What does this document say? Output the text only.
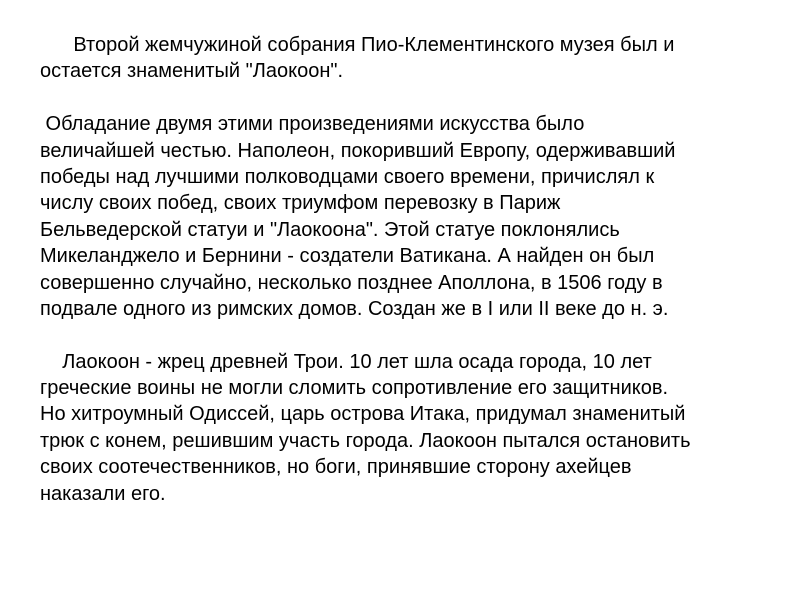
Второй жемчужиной собрания Пио-Клементинского музея был и
остается знаменитый "Лаокоон".
Обладание двумя этими произведениями искусства было
величайшей честью. Наполеон, покоривший Европу, одерживавший
победы над лучшими полководцами своего времени, причислял к
числу своих побед, своих триумфом перевозку в Париж
Бельведерской статуи и "Лаокоона". Этой статуе поклонялись
Микеланджело и Бернини - создатели Ватикана. А найден он был
совершенно случайно, несколько позднее Аполлона, в 1506 году в
подвале одного из римских домов. Создан же в I или II веке до н. э.
Лаокоон - жрец древней Трои. 10 лет шла осада города, 10 лет
греческие воины не могли сломить сопротивление его защитников.
Но хитроумный Одиссей, царь острова Итака, придумал знаменитый
трюк с конем, решившим участь города. Лаокоон пытался остановить
своих соотечественников, но боги, принявшие сторону ахейцев
наказали его.
